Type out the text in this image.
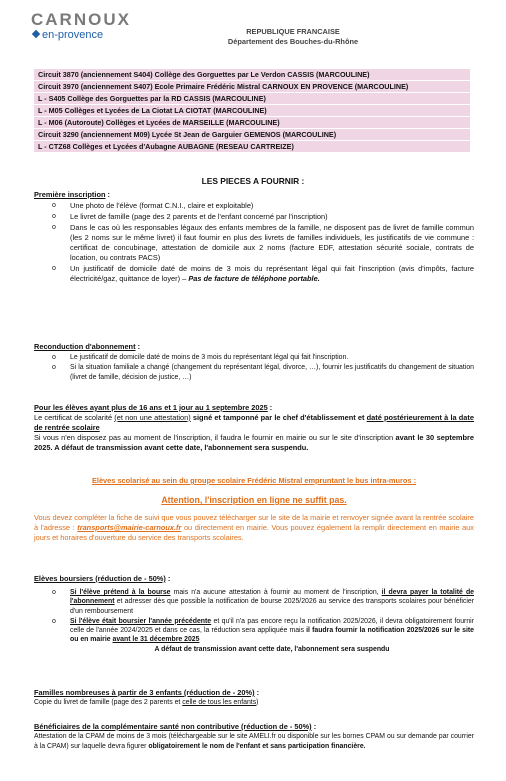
CARNOUX
en-provence	REPUBLIQUE FRANCAISE
Département des Bouches-du-Rhône
Circuit 3870 (anciennement S404) Collège des Gorguettes par Le Verdon CASSIS (MARCOULINE)
Circuit 3970 (anciennement S407) Ecole Primaire Frédéric Mistral CARNOUX EN PROVENCE (MARCOULINE)
L - S405 Collège des Gorguettes par la RD CASSIS (MARCOULINE)
L - M05 Collèges et Lycées de La Ciotat LA CIOTAT (MARCOULINE)
L - M06 (Autoroute) Collèges et Lycées de MARSEILLE (MARCOULINE)
Circuit 3290 (anciennement M09) Lycée St Jean de Garguier GEMENOS (MARCOULINE)
L - CTZ68 Collèges et Lycées d'Aubagne AUBAGNE (RESEAU CARTREIZE)
LES PIECES A FOURNIR :
Première inscription :
o Une photo de l'élève (format C.N.I., claire et exploitable)
o Le livret de famille (page des 2 parents et de l'enfant concerné par l'inscription)
o Dans le cas où les responsables légaux des enfants membres de la famille, ne disposent pas de livret de famille commun (les 2 noms sur le même livret) il faut fournir en plus des livrets de familles individuels, les justificatifs de vie commune : certificat de concubinage, attestation de domicile aux 2 noms (facture EDF, attestation sécurité sociale, contrats de location, ou contrats PACS)
o Un justificatif de domicile daté de moins de 3 mois du représentant légal qui fait l'inscription (avis d'impôts, facture électricité/gaz, quittance de loyer) – Pas de facture de téléphone portable.
Reconduction d'abonnement :
o Le justificatif de domicile daté de moins de 3 mois du représentant légal qui fait l'inscription.
o Si la situation familiale a changé (changement du représentant légal, divorce, …), fournir les justificatifs du changement de situation (livret de famille, décision de justice, …)
Pour les élèves ayant plus de 16 ans et 1 jour au 1 septembre 2025 :
Le certificat de scolarité (et non une attestation) signé et tamponné par le chef d'établissement et daté postérieurement à la date de rentrée scolaire
Si vous n'en disposez pas au moment de l'inscription, il faudra le fournir en mairie ou sur le site d'inscription avant le 30 septembre 2025. A défaut de transmission avant cette date, l'abonnement sera suspendu.
Elèves scolarisé au sein du groupe scolaire Frédéric Mistral empruntant le bus intra-muros :
Attention, l'inscription en ligne ne suffit pas.
Vous devez compléter la fiche de suivi que vous pouvez télécharger sur le site de la mairie et renvoyer signée avant la rentrée scolaire à l'adresse : transports@mairie-carnoux.fr ou directement en mairie. Vous pouvez également la remplir directement en mairie aux jours et horaires d'ouverture du service des transports scolaires.
Elèves boursiers (réduction de - 50%) :
o Si l'élève prétend à la bourse mais n'a aucune attestation à fournir au moment de l'inscription, il devra payer la totalité de l'abonnement et adresser dès que possible la notification de bourse 2025/2026 au service des transports scolaires pour bénéficier d'un remboursement
o Si l'élève était boursier l'année précédente et qu'il n'a pas encore reçu la notification 2025/2026, il devra obligatoirement fournir celle de l'année 2024/2025 et dans ce cas, la réduction sera appliquée mais il faudra fournir la notification 2025/2026 sur le site ou en mairie avant le 31 décembre 2025

A défaut de transmission avant cette date, l'abonnement sera suspendu
Familles nombreuses à partir de 3 enfants (réduction de - 20%) :
Copie du livret de famille (page des 2 parents et celle de tous les enfants)
Bénéficiaires de la complémentaire santé non contributive (réduction de - 50%) :
Attestation de la CPAM de moins de 3 mois (téléchargeable sur le site AMELI.fr ou disponible sur les bornes CPAM ou sur demande par courrier à la CPAM) sur laquelle devra figurer obligatoirement le nom de l'enfant et sans participation financière.
